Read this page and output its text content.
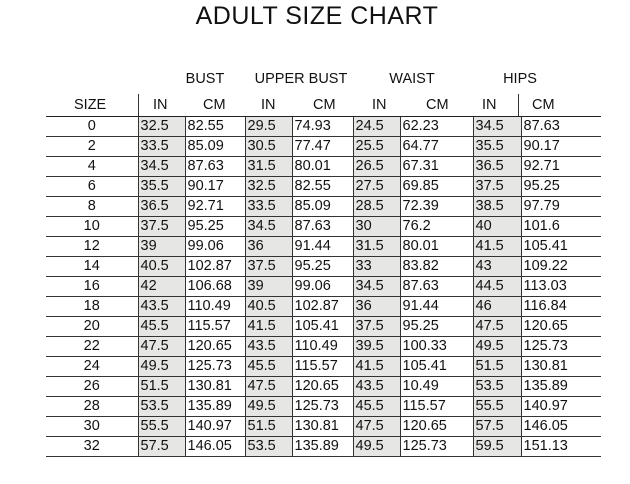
ADULT SIZE CHART
BUST	UPPER BUST	WAIST	HIPS
SIZE	IN CM IN	CM	IN	CM IN CM
0	32.5	82.55	29.5	74.93	24.5	62.23	34.5	87.63
2	33.5	85.09	30.5	77.47	25.5	64.77	35.5	90.17
4	34.5	87.63	31.5	80.01	26.5	67.31	36.5	92.71
6	35.5	90.17	32.5	82.55	27.5	69.85	37.5	95.25
8	36.5	92.71	33.5	85.09	28.5	72.39	38.5	97.79
10	37.5	95.25	34.5	87.63	30	76.2	40	101.6
12	39	99.06	36	91.44	31.5	80.01	41.5	105.41
14	40.5	102.87	37.5	95.25	33	83.82	43	109.22
16	42	106.68	39	99.06	34.5	87.63	44.5	113.03
18	43.5	110.49	40.5	102.87	36	91.44	46	116.84
20	45.5	115.57	41.5	105.41	37.5	95.25	47.5	120.65
22	47.5	120.65	43.5	110.49	39.5	100.33	49.5	125.73
24	49.5	125.73	45.5	115.57	41.5	105.41	51.5	130.81
26	51.5	130.81	47.5	120.65	43.5	10.49	53.5	135.89
28	53.5	135.89	49.5	125.73	45.5	115.57	55.5	140.97
30	55.5	140.97	51.5	130.81	47.5	120.65	57.5	146.05
32	57.5	146.05	53.5	135.89	49.5	125.73	59.5	151.13
